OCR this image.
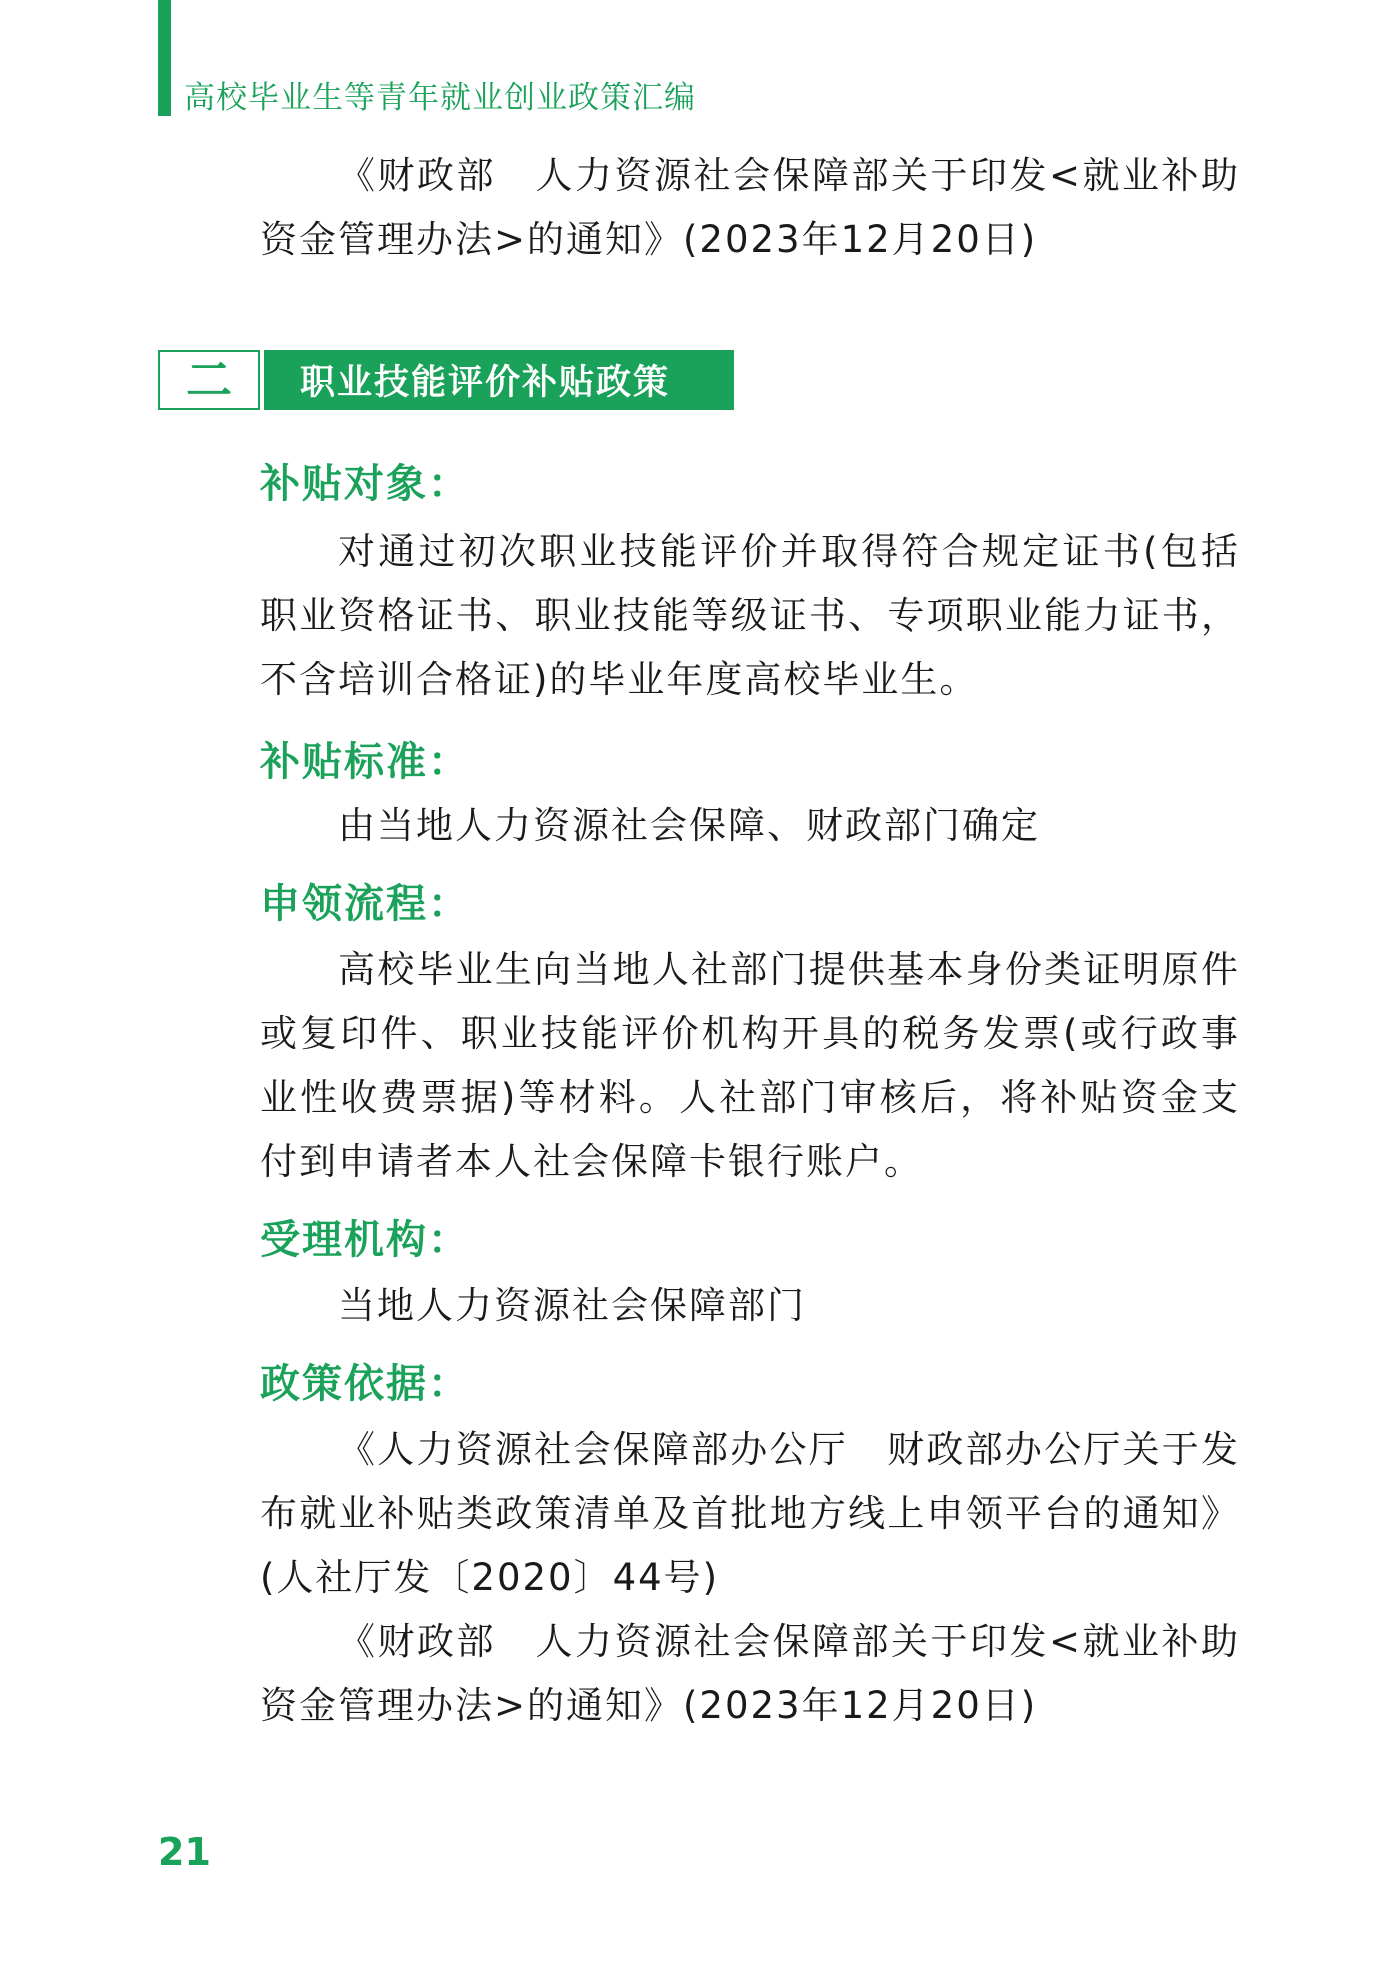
高校毕业生等青年就业创业政策汇编

《财政部　人力资源社会保障部关于印发<就业补助资金管理办法>的通知》(2023年12月20日)

二 职业技能评价补贴政策
补贴对象：

对通过初次职业技能评价并取得符合规定证书(包括职业资格证书、职业技能等级证书、专项职业能力证书，不含培训合格证)的毕业年度高校毕业生。

补贴标准：

由当地人力资源社会保障、财政部门确定

申领流程：

高校毕业生向当地人社部门提供基本身份类证明原件或复印件、职业技能评价机构开具的税务发票(或行政事业性收费票据)等材料。人社部门审核后，将补贴资金支付到申请者本人社会保障卡银行账户。

受理机构：

当地人力资源社会保障部门

政策依据：

《人力资源社会保障部办公厅　财政部办公厅关于发布就业补贴类政策清单及首批地方线上申领平台的通知》(人社厅发〔2020〕44号)

《财政部　人力资源社会保障部关于印发<就业补助资金管理办法>的通知》(2023年12月20日)

21
